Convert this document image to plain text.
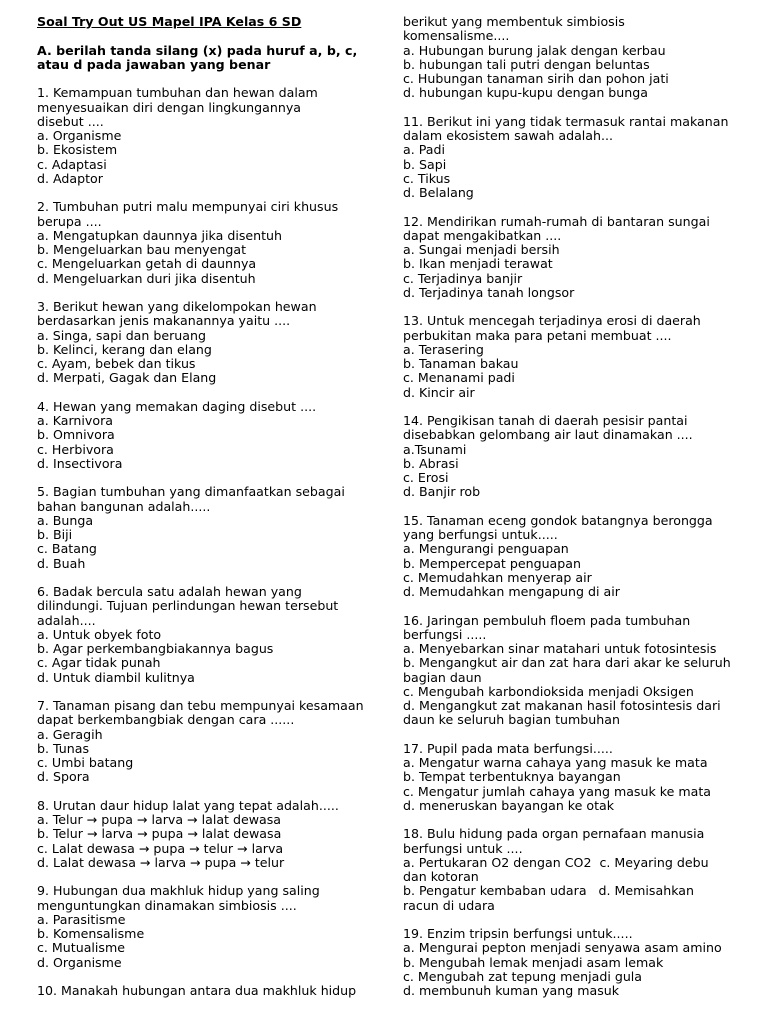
Soal Try Out US Mapel IPA Kelas 6 SD
A. berilah tanda silang (x) pada huruf a, b, c,
atau d pada jawaban yang benar
1. Kemampuan tumbuhan dan hewan dalam
menyesuaikan diri dengan lingkungannya
disebut ....
a. Organisme
b. Ekosistem
c. Adaptasi
d. Adaptor
2. Tumbuhan putri malu mempunyai ciri khusus
berupa ....
a. Mengatupkan daunnya jika disentuh
b. Mengeluarkan bau menyengat
c. Mengeluarkan getah di daunnya
d. Mengeluarkan duri jika disentuh
3. Berikut hewan yang dikelompokan hewan
berdasarkan jenis makanannya yaitu ....
a. Singa, sapi dan beruang
b. Kelinci, kerang dan elang
c. Ayam, bebek dan tikus
d. Merpati, Gagak dan Elang
4. Hewan yang memakan daging disebut ....
a. Karnivora
b. Omnivora
c. Herbivora
d. Insectivora
5. Bagian tumbuhan yang dimanfaatkan sebagai
bahan bangunan adalah.....
a. Bunga
b. Biji
c. Batang
d. Buah
6. Badak bercula satu adalah hewan yang
dilindungi. Tujuan perlindungan hewan tersebut
adalah....
a. Untuk obyek foto
b. Agar perkembangbiakannya bagus
c. Agar tidak punah
d. Untuk diambil kulitnya
7. Tanaman pisang dan tebu mempunyai kesamaan
dapat berkembangbiak dengan cara ......
a. Geragih
b. Tunas
c. Umbi batang
d. Spora
8. Urutan daur hidup lalat yang tepat adalah.....
a. Telur → pupa → larva → lalat dewasa
b. Telur → larva → pupa → lalat dewasa
c. Lalat dewasa → pupa → telur → larva
d. Lalat dewasa → larva → pupa → telur
9. Hubungan dua makhluk hidup yang saling
menguntungkan dinamakan simbiosis ....
a. Parasitisme
b. Komensalisme
c. Mutualisme
d. Organisme
10. Manakah hubungan antara dua makhluk hidup
berikut yang membentuk simbiosis
komensalisme....
a. Hubungan burung jalak dengan kerbau
b. hubungan tali putri dengan beluntas
c. Hubungan tanaman sirih dan pohon jati
d. hubungan kupu-kupu dengan bunga
11. Berikut ini yang tidak termasuk rantai makanan
dalam ekosistem sawah adalah...
a. Padi
b. Sapi
c. Tikus
d. Belalang
12. Mendirikan rumah-rumah di bantaran sungai
dapat mengakibatkan ....
a. Sungai menjadi bersih
b. Ikan menjadi terawat
c. Terjadinya banjir
d. Terjadinya tanah longsor
13. Untuk mencegah terjadinya erosi di daerah
perbukitan maka para petani membuat ....
a. Terasering
b. Tanaman bakau
c. Menanami padi
d. Kincir air
14. Pengikisan tanah di daerah pesisir pantai
disebabkan gelombang air laut dinamakan ....
a.Tsunami
b. Abrasi
c. Erosi
d. Banjir rob
15. Tanaman eceng gondok batangnya berongga
yang berfungsi untuk.....
a. Mengurangi penguapan
b. Mempercepat penguapan
c. Memudahkan menyerap air
d. Memudahkan mengapung di air
16. Jaringan pembuluh floem pada tumbuhan
berfungsi .....
a. Menyebarkan sinar matahari untuk fotosintesis
b. Mengangkut air dan zat hara dari akar ke seluruh
bagian daun
c. Mengubah karbondioksida menjadi Oksigen
d. Mengangkut zat makanan hasil fotosintesis dari
daun ke seluruh bagian tumbuhan
17. Pupil pada mata berfungsi.....
a. Mengatur warna cahaya yang masuk ke mata
b. Tempat terbentuknya bayangan
c. Mengatur jumlah cahaya yang masuk ke mata
d. meneruskan bayangan ke otak
18. Bulu hidung pada organ pernafaan manusia
berfungsi untuk ....
a. Pertukaran O2 dengan CO2  c. Meyaring debu
dan kotoran
b. Pengatur kembaban udara   d. Memisahkan
racun di udara
19. Enzim tripsin berfungsi untuk.....
a. Mengurai pepton menjadi senyawa asam amino
b. Mengubah lemak menjadi asam lemak
c. Mengubah zat tepung menjadi gula
d. membunuh kuman yang masuk
